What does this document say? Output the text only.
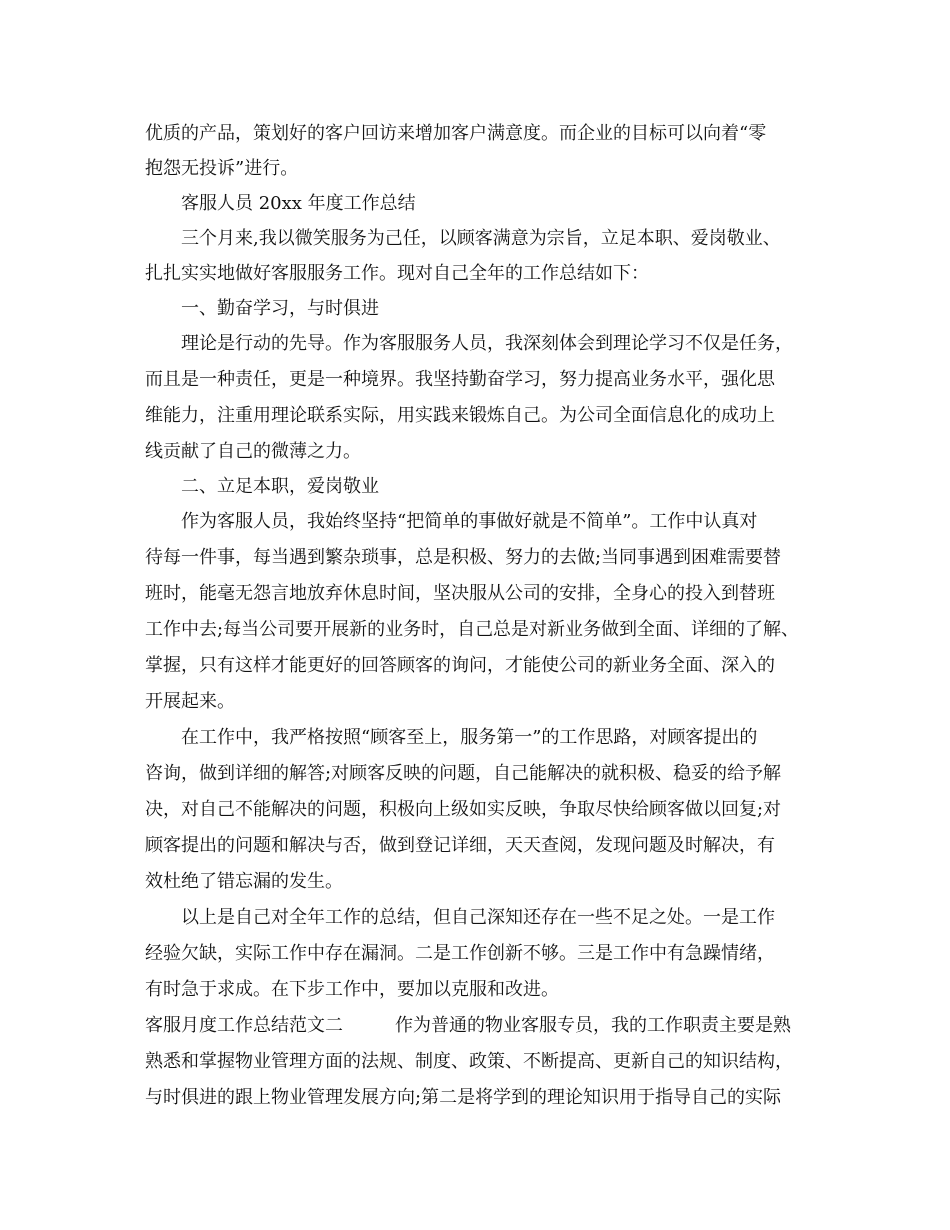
优质的产品，策划好的客户回访来增加客户满意度。而企业的目标可以向着“零
抱怨无投诉”进行。
客服人员 20xx 年度工作总结
三个月来,我以微笑服务为己任，以顾客满意为宗旨，立足本职、爱岗敬业、
扎扎实实地做好客服服务工作。现对自己全年的工作总结如下：
一、勤奋学习，与时俱进
理论是行动的先导。作为客服服务人员，我深刻体会到理论学习不仅是任务，
而且是一种责任，更是一种境界。我坚持勤奋学习，努力提高业务水平，强化思
维能力，注重用理论联系实际，用实践来锻炼自己。为公司全面信息化的成功上
线贡献了自己的微薄之力。
二、立足本职，爱岗敬业
作为客服人员，我始终坚持“把简单的事做好就是不简单”。工作中认真对
待每一件事，每当遇到繁杂琐事，总是积极、努力的去做;当同事遇到困难需要替
班时，能毫无怨言地放弃休息时间，坚决服从公司的安排，全身心的投入到替班
工作中去;每当公司要开展新的业务时，自己总是对新业务做到全面、详细的了解、
掌握，只有这样才能更好的回答顾客的询问，才能使公司的新业务全面、深入的
开展起来。
在工作中，我严格按照“顾客至上，服务第一”的工作思路，对顾客提出的
咨询，做到详细的解答;对顾客反映的问题，自己能解决的就积极、稳妥的给予解
决，对自己不能解决的问题，积极向上级如实反映，争取尽快给顾客做以回复;对
顾客提出的问题和解决与否，做到登记详细，天天查阅，发现问题及时解决，有
效杜绝了错忘漏的发生。
以上是自己对全年工作的总结，但自己深知还存在一些不足之处。一是工作
经验欠缺，实际工作中存在漏洞。二是工作创新不够。三是工作中有急躁情绪，
有时急于求成。在下步工作中，要加以克服和改进。
客服月度工作总结范文二	作为普通的物业客服专员，我的工作职责主要是熟
熟悉和掌握物业管理方面的法规、制度、政策、不断提高、更新自己的知识结构，
与时俱进的跟上物业管理发展方向;第二是将学到的理论知识用于指导自己的实际
